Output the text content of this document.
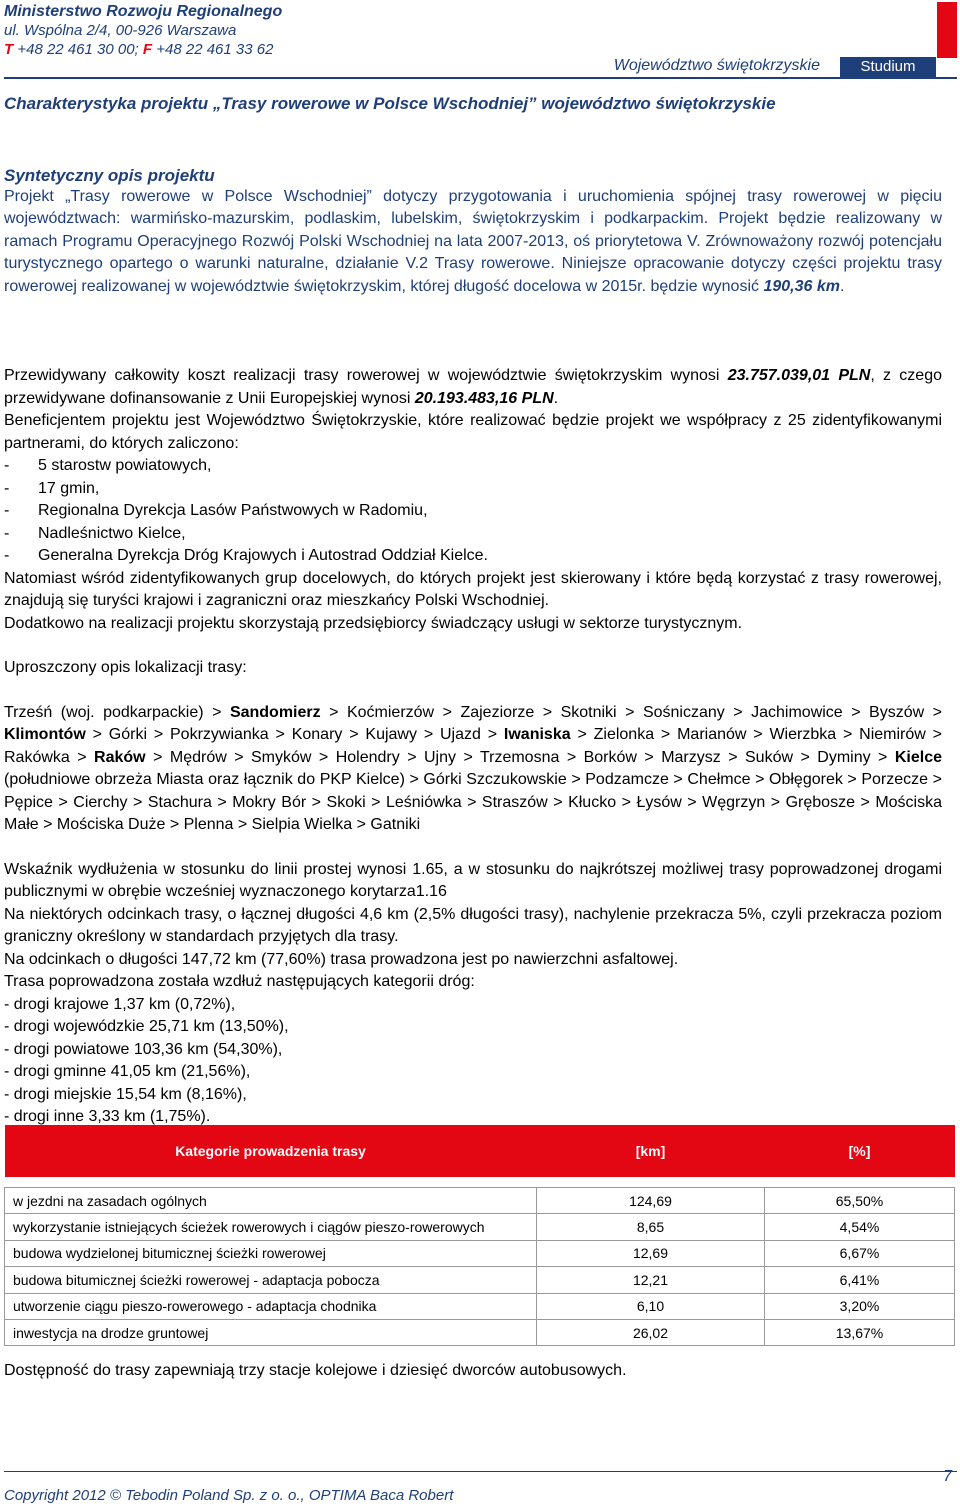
Ministerstwo Rozwoju Regionalnego
ul. Wspólna 2/4, 00-926 Warszawa
T +48 22 461 30 00; F +48 22 461 33 62
Województwo świętokrzyskie	Studium
Charakterystyka projektu „Trasy rowerowe w Polsce Wschodniej” województwo świętokrzyskie
Syntetyczny opis projektu
Projekt „Trasy rowerowe w Polsce Wschodniej” dotyczy przygotowania i uruchomienia spójnej trasy rowerowej w pięciu województwach: warmińsko-mazurskim, podlaskim, lubelskim, świętokrzyskim i podkarpackim. Projekt będzie realizowany w ramach Programu Operacyjnego Rozwój Polski Wschodniej na lata 2007-2013, oś priorytetowa V. Zrównoważony rozwój potencjału turystycznego opartego o warunki naturalne, działanie V.2 Trasy rowerowe. Niniejsze opracowanie dotyczy części projektu trasy rowerowej realizowanej w województwie świętokrzyskim, której długość docelowa w 2015r. będzie wynosić 190,36 km.

Przewidywany całkowity koszt realizacji trasy rowerowej w województwie świętokrzyskim wynosi 23.757.039,01 PLN, z czego przewidywane dofinansowanie z Unii Europejskiej wynosi 20.193.483,16 PLN.

Beneficjentem projektu jest Województwo Świętokrzyskie, które realizować będzie projekt we współpracy z 25 zidentyfikowanymi partnerami, do których zaliczono:

-	5 starostw powiatowych,
-	17 gmin,
-	Regionalna Dyrekcja Lasów Państwowych w Radomiu,
-	Nadleśnictwo Kielce,
-	Generalna Dyrekcja Dróg Krajowych i Autostrad Oddział Kielce.

Natomiast wśród zidentyfikowanych grup docelowych, do których projekt jest skierowany i które będą korzystać z trasy rowerowej, znajdują się turyści krajowi i zagraniczni oraz mieszkańcy Polski Wschodniej.

Dodatkowo na realizacji projektu skorzystają przedsiębiorcy świadczący usługi w sektorze turystycznym.

Uproszczony opis lokalizacji trasy:

Trześń (woj. podkarpackie) > Sandomierz > Koćmierzów > Zajeziorze > Skotniki > Sośniczany > Jachimowice > Byszów > Klimontów > Górki > Pokrzywianka > Konary > Kujawy > Ujazd > Iwaniska > Zielonka > Marianów > Wierzbka > Niemirów > Rakówka > Raków > Mędrów > Smyków > Holendry > Ujny > Trzemosna > Borków > Marzysz > Suków > Dyminy > Kielce (południowe obrzeża Miasta oraz łącznik do PKP Kielce) > Górki Szczukowskie > Podzamcze > Chełmce > Obłęgorek > Porzecze > Pępice > Cierchy > Stachura > Mokry Bór > Skoki > Leśniówka > Straszów > Kłucko > Łysów > Węgrzyn > Grębosze > Mościska Małe > Mościska Duże > Plenna > Sielpia Wielka > Gatniki

Wskaźnik wydłużenia w stosunku do linii prostej wynosi 1.65, a w stosunku do najkrótszej możliwej trasy poprowadzonej drogami publicznymi w obrębie wcześniej wyznaczonego korytarza1.16

Na niektórych odcinkach trasy, o łącznej długości 4,6 km (2,5% długości trasy), nachylenie przekracza 5%, czyli przekracza poziom graniczny określony w standardach przyjętych dla trasy.

Na odcinkach o długości 147,72 km (77,60%) trasa prowadzona jest po nawierzchni asfaltowej.

Trasa poprowadzona została wzdłuż następujących kategorii dróg:

- drogi krajowe 1,37 km (0,72%),

- drogi wojewódzkie 25,71 km (13,50%),

- drogi powiatowe 103,36 km (54,30%),

- drogi gminne 41,05 km (21,56%),

- drogi miejskie 15,54 km (8,16%),

- drogi inne 3,33 km (1,75%).

Kategorie prowadzenia trasy	[km]	[%]

w jezdni na zasadach ogólnych	124,69	65,50%
wykorzystanie istniejących ścieżek rowerowych i ciągów pieszo-rowerowych	8,65	4,54%
budowa wydzielonej bitumicznej ścieżki rowerowej	12,69	6,67%
budowa bitumicznej ścieżki rowerowej - adaptacja pobocza	12,21	6,41%
utworzenie ciągu pieszo-rowerowego - adaptacja chodnika	6,10	3,20%
inwestycja na drodze gruntowej	26,02	13,67%
Dostępność do trasy zapewniają trzy stacje kolejowe i dziesięć dworców autobusowych.
Copyright 2012 © Tebodin Poland Sp. z o. o., OPTIMA Baca Robert
7
